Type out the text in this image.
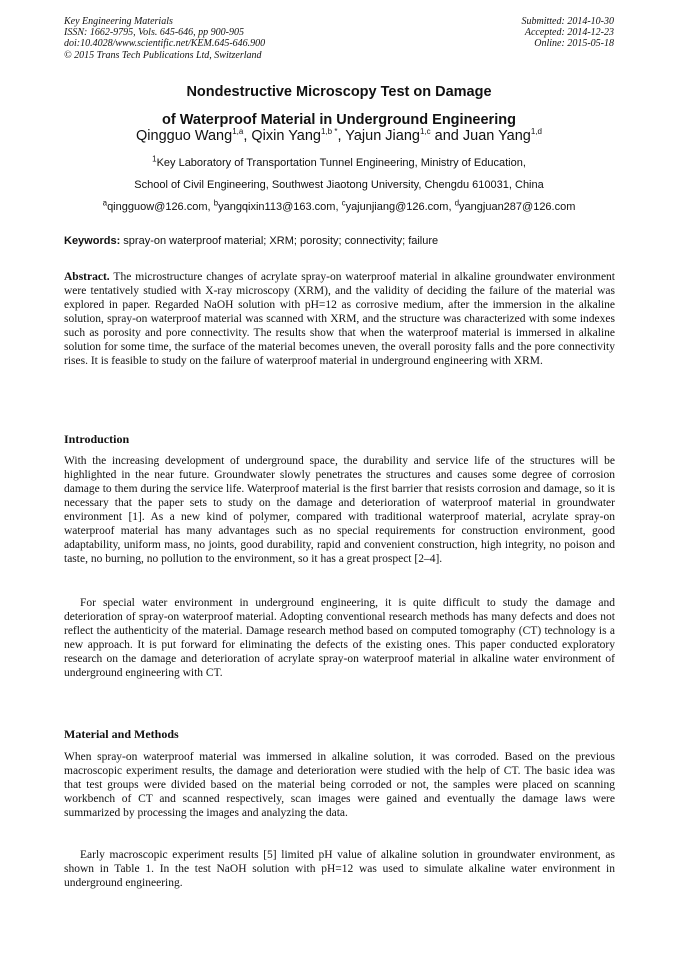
Key Engineering Materials
ISSN: 1662-9795, Vols. 645-646, pp 900-905
doi:10.4028/www.scientific.net/KEM.645-646.900
© 2015 Trans Tech Publications Ltd, Switzerland
Submitted: 2014-10-30
Accepted: 2014-12-23
Online: 2015-05-18
Nondestructive Microscopy Test on Damage
of Waterproof Material in Underground Engineering
Qingguo Wang$^{1,a}$, Qixin Yang$^{1,b *}$, Yajun Jiang$^{1,c}$ and Juan Yang$^{1,d}$
$^1$Key Laboratory of Transportation Tunnel Engineering, Ministry of Education,
School of Civil Engineering, Southwest Jiaotong University, Chengdu 610031, China
$^a$qingguow@126.com, $^b$yangqixin113@163.com, $^c$yajunjiang@126.com, $^d$yangjuan287@126.com
Keywords: spray-on waterproof material; XRM; porosity; connectivity; failure
Abstract. The microstructure changes of acrylate spray-on waterproof material in alkaline groundwater environment were tentatively studied with X-ray microscopy (XRM), and the validity of deciding the failure of the material was explored in paper. Regarded NaOH solution with pH=12 as corrosive medium, after the immersion in the alkaline solution, spray-on waterproof material was scanned with XRM, and the structure was characterized with some indexes such as porosity and pore connectivity. The results show that when the waterproof material is immersed in alkaline solution for some time, the surface of the material becomes uneven, the overall porosity falls and the pore connectivity rises. It is feasible to study on the failure of waterproof material in underground engineering with XRM.
Introduction
With the increasing development of underground space, the durability and service life of the structures will be highlighted in the near future. Groundwater slowly penetrates the structures and causes some degree of corrosion damage to them during the service life. Waterproof material is the first barrier that resists corrosion and damage, so it is necessary that the paper sets to study on the damage and deterioration of waterproof material in groundwater environment [1]. As a new kind of polymer, compared with traditional waterproof material, acrylate spray-on waterproof material has many advantages such as no special requirements for construction environment, good adaptability, uniform mass, no joints, good durability, rapid and convenient construction, high integrity, no poison and taste, no burning, no pollution to the environment, so it has a great prospect [2–4].
For special water environment in underground engineering, it is quite difficult to study the damage and deterioration of spray-on waterproof material. Adopting conventional research methods has many defects and does not reflect the authenticity of the material. Damage research method based on computed tomography (CT) technology is a new approach. It is put forward for eliminating the defects of the existing ones. This paper conducted exploratory research on the damage and deterioration of acrylate spray-on waterproof material in alkaline water environment of underground engineering with CT.
Material and Methods
When spray-on waterproof material was immersed in alkaline solution, it was corroded. Based on the previous macroscopic experiment results, the damage and deterioration were studied with the help of CT. The basic idea was that test groups were divided based on the material being corroded or not, the samples were placed on scanning workbench of CT and scanned respectively, scan images were gained and eventually the damage laws were summarized by processing the images and analyzing the data.
Early macroscopic experiment results [5] limited pH value of alkaline solution in groundwater environment, as shown in Table 1. In the test NaOH solution with pH=12 was used to simulate alkaline water environment in underground engineering.
